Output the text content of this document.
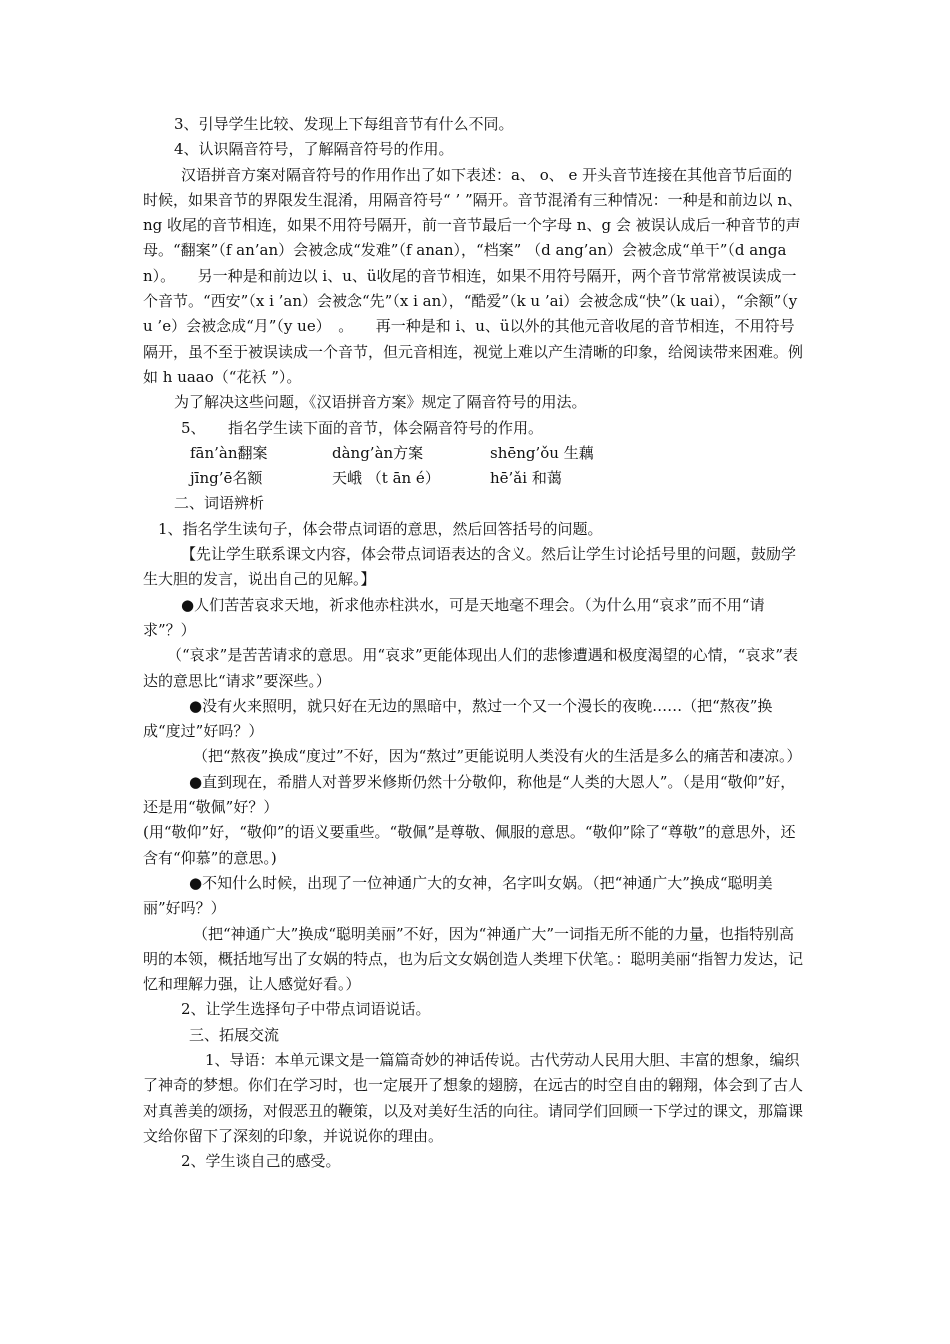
3、引导学生比较、发现上下每组音节有什么不同。

4、认识隔音符号，了解隔音符号的作用。

汉语拼音方案对隔音符号的作用作出了如下表述：a、 o、 e 开头音节连接在其他音节后面的时候，如果音节的界限发生混淆，用隔音符号“ ’ ”隔开。音节混淆有三种情况：一种是和前边以 n、ng 收尾的音节相连，如果不用符号隔开，前一音节最后一个字母 n、g 会 被误认成后一种音节的声母。“翻案”（f an’an）会被念成“发难”（f anan），“档案” （d ang’an）会被念成“单干”（d angan）。　　另一种是和前边以 i、u、ü收尾的音节相连，如果不用符号隔开，两个音节常常被误读成一个音节。“西安”（x i ’an）会被念“先”（x i an），“酷爱”（k u ’ai）会被念成“快”（k uai），“余额”（y u ’e）会被念成“月”（y ue）　。　　再一种是和 i、u、ü以外的其他元音收尾的音节相连，不用符号隔开，虽不至于被误读成一个音节，但元音相连，视觉上难以产生清晰的印象，给阅读带来困难。例如 h uaao（“花袄 ”）。

为了解决这些问题，《汉语拼音方案》规定了隔音符号的用法。

5、　　指名学生读下面的音节，体会隔音符号的作用。

fān’àn翻案	dàng’àn方案	shēng’ǒu 生藕
jīng’ē名额	天峨 （t ān é）	hē’ǎi 和蔼

二、词语辨析

1、指名学生读句子，体会带点词语的意思，然后回答括号的问题。

【先让学生联系课文内容，体会带点词语表达的含义。然后让学生讨论括号里的问题，鼓励学生大胆的发言，说出自己的见解。】

●人们苦苦哀求天地，祈求他赤柱洪水，可是天地毫不理会。（为什么用“哀求”而不用“请求”？）

（“哀求”是苦苦请求的意思。用“哀求”更能体现出人们的悲惨遭遇和极度渴望的心情，“哀求”表达的意思比“请求”要深些。）

●没有火来照明，就只好在无边的黑暗中，熬过一个又一个漫长的夜晚……（把“熬夜”换成“度过”好吗？）

（把“熬夜”换成“度过”不好，因为“熬过”更能说明人类没有火的生活是多么的痛苦和凄凉。）

●直到现在，希腊人对普罗米修斯仍然十分敬仰，称他是“人类的大恩人”。（是用“敬仰”好，还是用“敬佩”好？）

(用“敬仰”好，“敬仰”的语义要重些。“敬佩”是尊敬、佩服的意思。“敬仰”除了“尊敬”的意思外，还含有“仰慕”的意思。)

●不知什么时候，出现了一位神通广大的女神，名字叫女娲。（把“神通广大”换成“聪明美丽”好吗？）

（把“神通广大”换成“聪明美丽”不好，因为“神通广大”一词指无所不能的力量，也指特别高明的本领，概括地写出了女娲的特点，也为后文女娲创造人类埋下伏笔。：聪明美丽“指智力发达，记忆和理解力强，让人感觉好看。）

2、让学生选择句子中带点词语说话。

三、拓展交流

1、导语：本单元课文是一篇篇奇妙的神话传说。古代劳动人民用大胆、丰富的想象，编织了神奇的梦想。你们在学习时，也一定展开了想象的翅膀，在远古的时空自由的翱翔，体会到了古人对真善美的颂扬，对假恶丑的鞭策，以及对美好生活的向往。请同学们回顾一下学过的课文，那篇课文给你留下了深刻的印象，并说说你的理由。

2、学生谈自己的感受。
